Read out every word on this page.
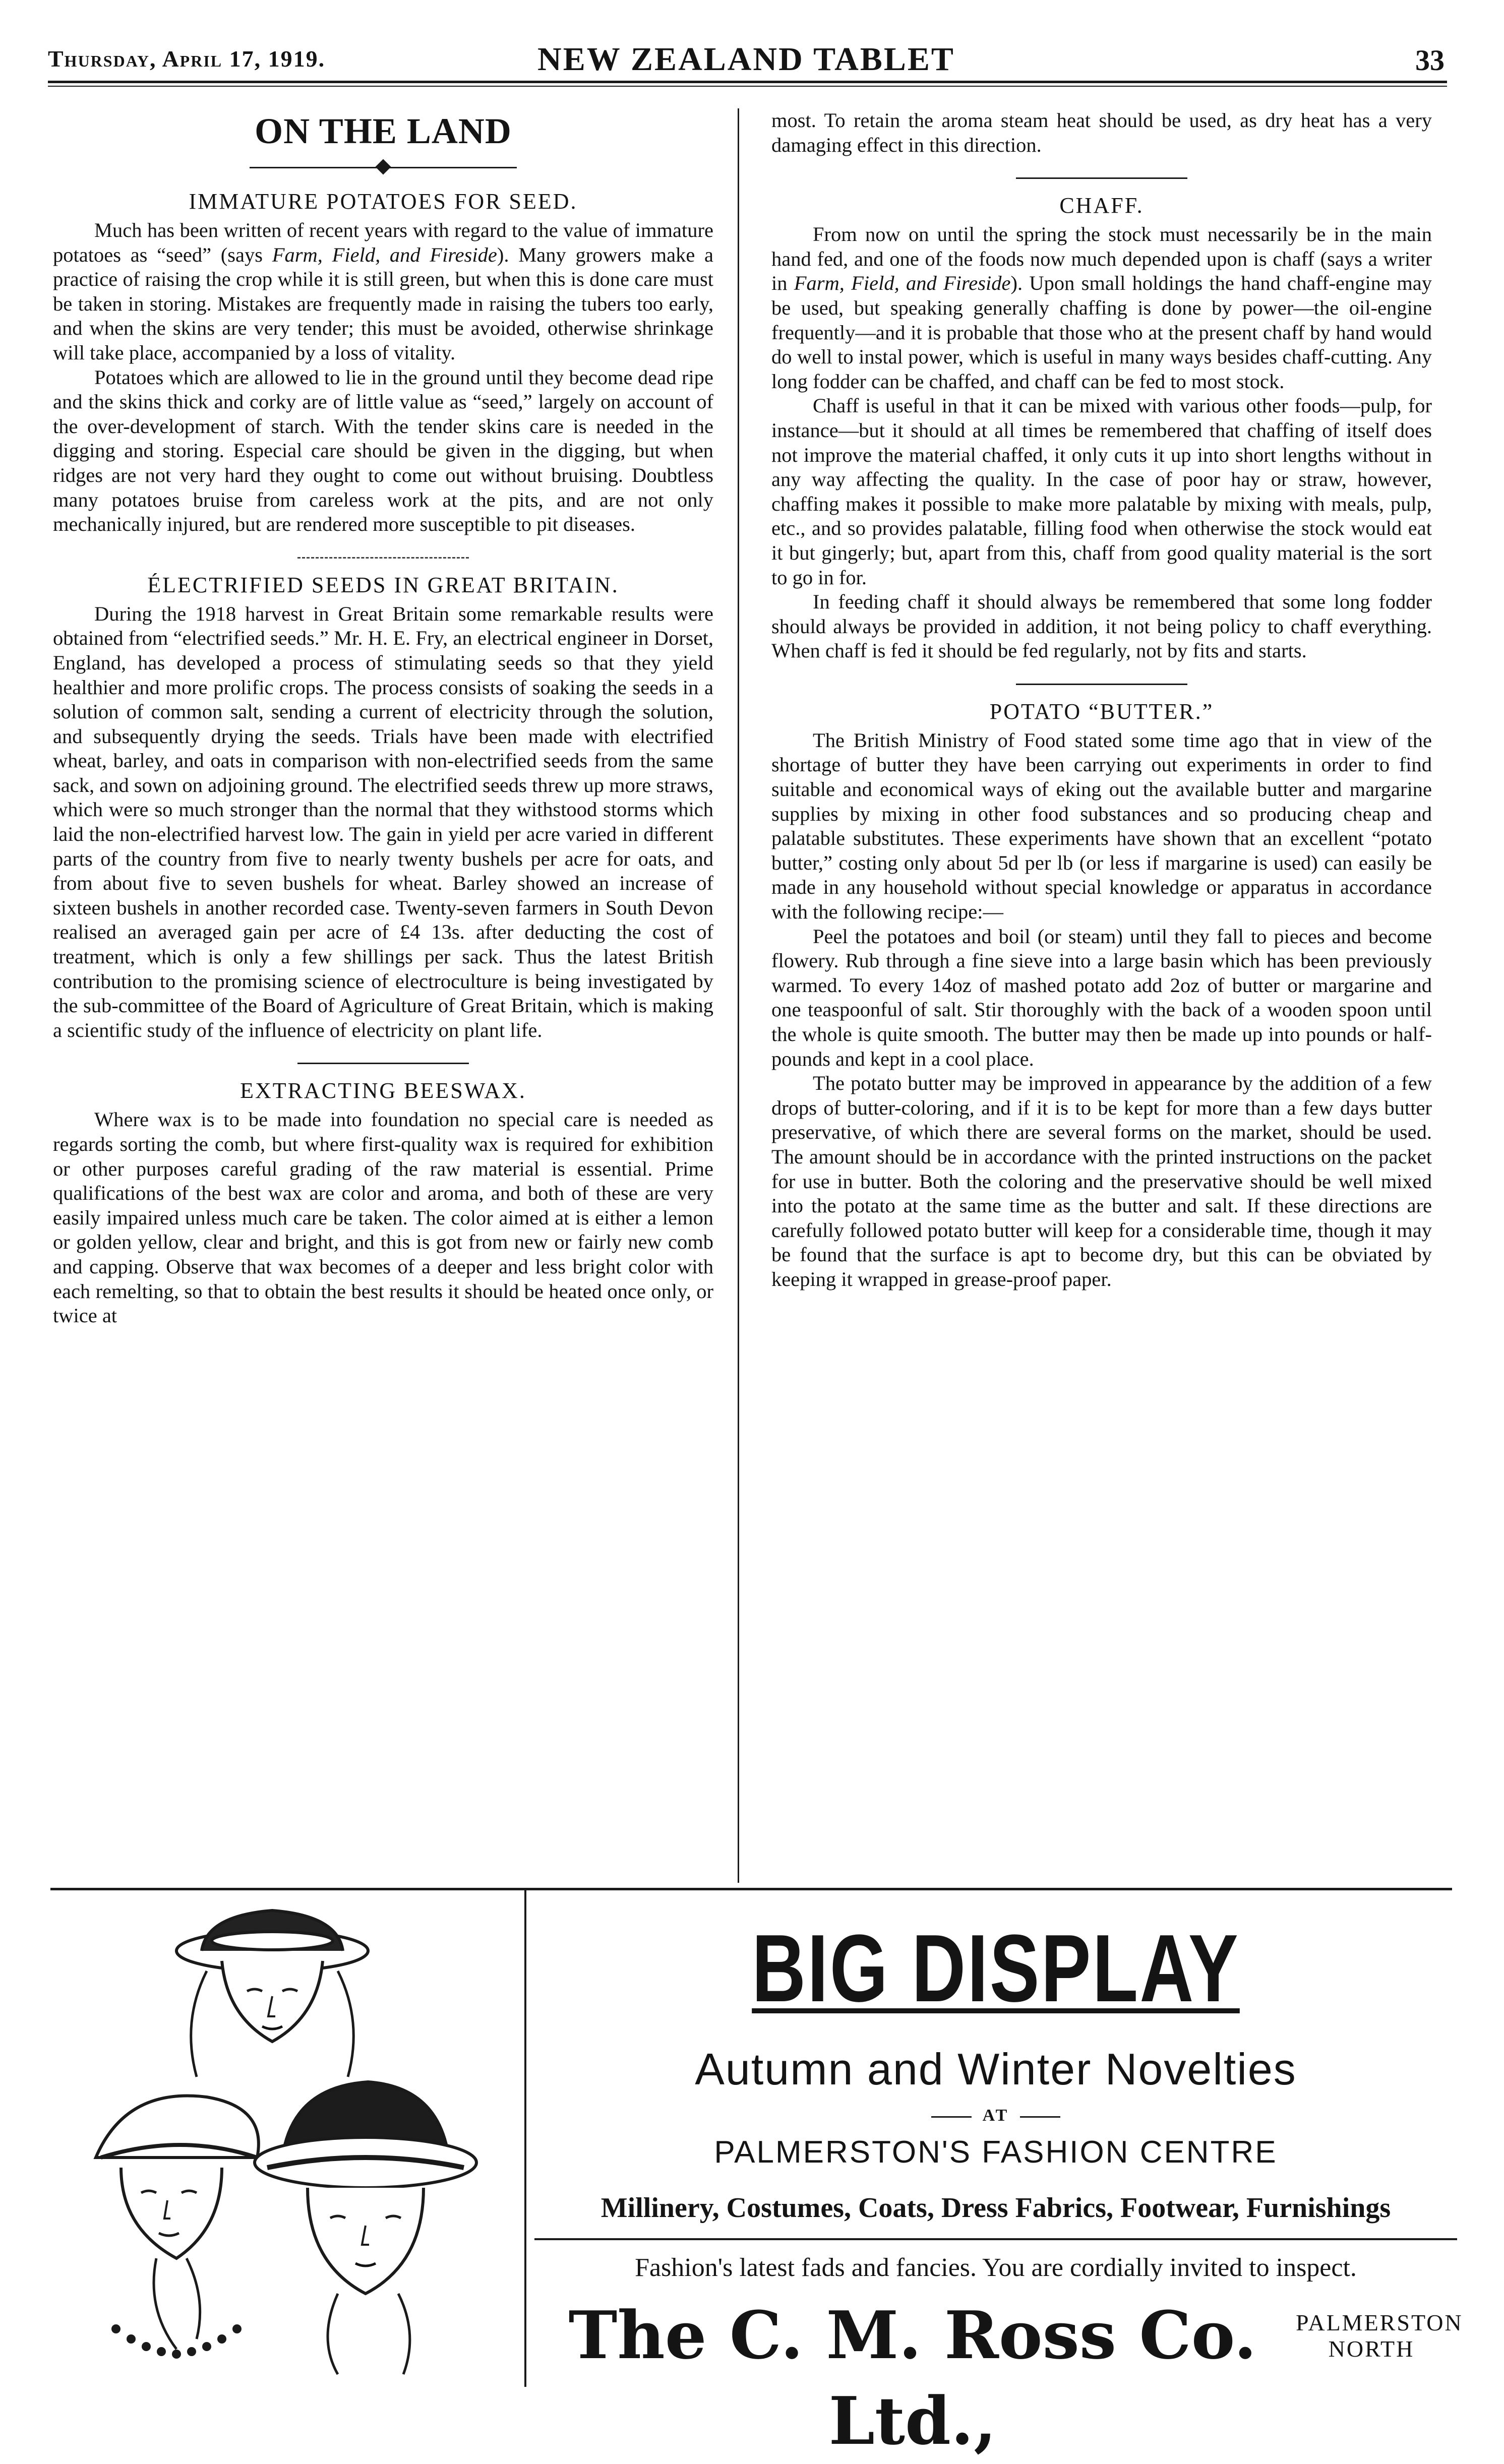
Thursday, April 17, 1919.	NEW ZEALAND TABLET	33
ON THE LAND
IMMATURE POTATOES FOR SEED.

Much has been written of recent years with regard to the value of immature potatoes as “seed” (says Farm, Field, and Fireside). Many growers make a practice of raising the crop while it is still green, but when this is done care must be taken in storing. Mistakes are frequently made in raising the tubers too early, and when the skins are very tender; this must be avoided, otherwise shrinkage will take place, accompanied by a loss of vitality.

Potatoes which are allowed to lie in the ground until they become dead ripe and the skins thick and corky are of little value as “seed,” largely on account of the over-development of starch. With the tender skins care is needed in the digging and storing. Especial care should be given in the digging, but when ridges are not very hard they ought to come out without bruising. Doubtless many potatoes bruise from careless work at the pits, and are not only mechanically injured, but are rendered more susceptible to pit diseases.

ÉLECTRIFIED SEEDS IN GREAT BRITAIN.

During the 1918 harvest in Great Britain some remarkable results were obtained from “electrified seeds.” Mr. H. E. Fry, an electrical engineer in Dorset, England, has developed a process of stimulating seeds so that they yield healthier and more prolific crops. The process consists of soaking the seeds in a solution of common salt, sending a current of electricity through the solution, and subsequently drying the seeds. Trials have been made with electrified wheat, barley, and oats in comparison with non-electrified seeds from the same sack, and sown on adjoining ground. The electrified seeds threw up more straws, which were so much stronger than the normal that they withstood storms which laid the non-electrified harvest low. The gain in yield per acre varied in different parts of the country from five to nearly twenty bushels per acre for oats, and from about five to seven bushels for wheat. Barley showed an increase of sixteen bushels in another recorded case. Twenty-seven farmers in South Devon realised an averaged gain per acre of £4 13s. after deducting the cost of treatment, which is only a few shillings per sack. Thus the latest British contribution to the promising science of electroculture is being investigated by the sub-committee of the Board of Agriculture of Great Britain, which is making a scientific study of the influence of electricity on plant life.

EXTRACTING BEESWAX.

Where wax is to be made into foundation no special care is needed as regards sorting the comb, but where first-quality wax is required for exhibition or other purposes careful grading of the raw material is essential. Prime qualifications of the best wax are color and aroma, and both of these are very easily impaired unless much care be taken. The color aimed at is either a lemon or golden yellow, clear and bright, and this is got from new or fairly new comb and capping. Observe that wax becomes of a deeper and less bright color with each remelting, so that to obtain the best results it should be heated once only, or twice at

most. To retain the aroma steam heat should be used, as dry heat has a very damaging effect in this direction.

CHAFF.

From now on until the spring the stock must necessarily be in the main hand fed, and one of the foods now much depended upon is chaff (says a writer in Farm, Field, and Fireside). Upon small holdings the hand chaff-engine may be used, but speaking generally chaffing is done by power—the oil-engine frequently—and it is probable that those who at the present chaff by hand would do well to instal power, which is useful in many ways besides chaff-cutting. Any long fodder can be chaffed, and chaff can be fed to most stock.

Chaff is useful in that it can be mixed with various other foods—pulp, for instance—but it should at all times be remembered that chaffing of itself does not improve the material chaffed, it only cuts it up into short lengths without in any way affecting the quality. In the case of poor hay or straw, however, chaffing makes it possible to make more palatable by mixing with meals, pulp, etc., and so provides palatable, filling food when otherwise the stock would eat it but gingerly; but, apart from this, chaff from good quality material is the sort to go in for.

In feeding chaff it should always be remembered that some long fodder should always be provided in addition, it not being policy to chaff everything. When chaff is fed it should be fed regularly, not by fits and starts.

POTATO “BUTTER.”

The British Ministry of Food stated some time ago that in view of the shortage of butter they have been carrying out experiments in order to find suitable and economical ways of eking out the available butter and margarine supplies by mixing in other food substances and so producing cheap and palatable substitutes. These experiments have shown that an excellent “potato butter,” costing only about 5d per lb (or less if margarine is used) can easily be made in any household without special knowledge or apparatus in accordance with the following recipe:—

Peel the potatoes and boil (or steam) until they fall to pieces and become flowery. Rub through a fine sieve into a large basin which has been previously warmed. To every 14oz of mashed potato add 2oz of butter or margarine and one teaspoonful of salt. Stir thoroughly with the back of a wooden spoon until the whole is quite smooth. The butter may then be made up into pounds or half-pounds and kept in a cool place.

The potato butter may be improved in appearance by the addition of a few drops of butter-coloring, and if it is to be kept for more than a few days butter preservative, of which there are several forms on the market, should be used. The amount should be in accordance with the printed instructions on the packet for use in butter. Both the coloring and the preservative should be well mixed into the potato at the same time as the butter and salt. If these directions are carefully followed potato butter will keep for a considerable time, though it may be found that the surface is apt to become dry, but this can be obviated by keeping it wrapped in grease-proof paper.

BIG DISPLAY
Autumn and Winter Novelties
AT
PALMERSTON'S FASHION CENTRE
Millinery, Costumes, Coats, Dress Fabrics, Footwear, Furnishings
Fashion's latest fads and fancies. You are cordially invited to inspect.
The C. M. Ross Co. Ltd.,
PALMERSTON
NORTH
